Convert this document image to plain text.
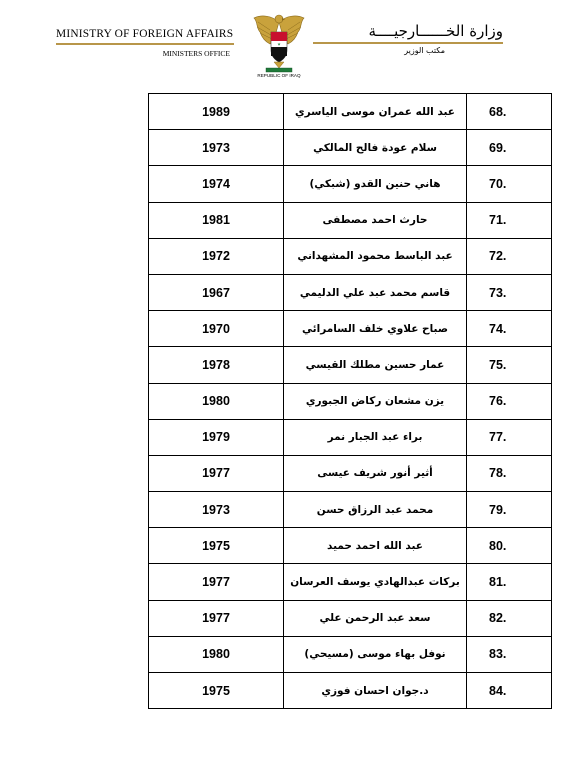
MINISTRY OF FOREIGN AFFAIRS
MINISTERS OFFICE
★
REPUBLIC OF IRAQ
وزارة الخــــــارجيــــة
مكتب الوزير
1989	عبد الله عمران موسى الياسري	68.
1973	سلام عودة فالح المالكي	69.
1974	هاني حنين القدو (شبكي)	70.
1981	حارث احمد مصطفى	71.
1972	عبد الباسط محمود المشهداني	72.
1967	قاسم محمد عبد علي الدليمي	73.
1970	صباح علاوي خلف السامرائي	74.
1978	عمار حسين مطلك القيسي	75.
1980	يزن مشعان ركاض الجبوري	76.
1979	براء عبد الجبار نمر	77.
1977	أثير أنور شريف عيسى	78.
1973	محمد عبد الرزاق حسن	79.
1975	عبد الله احمد حميد	80.
1977	بركات عبدالهادي يوسف العرسان	81.
1977	سعد عبد الرحمن علي	82.
1980	نوفل بهاء موسى (مسيحي)	83.
1975	د.جوان احسان فوزي	84.
